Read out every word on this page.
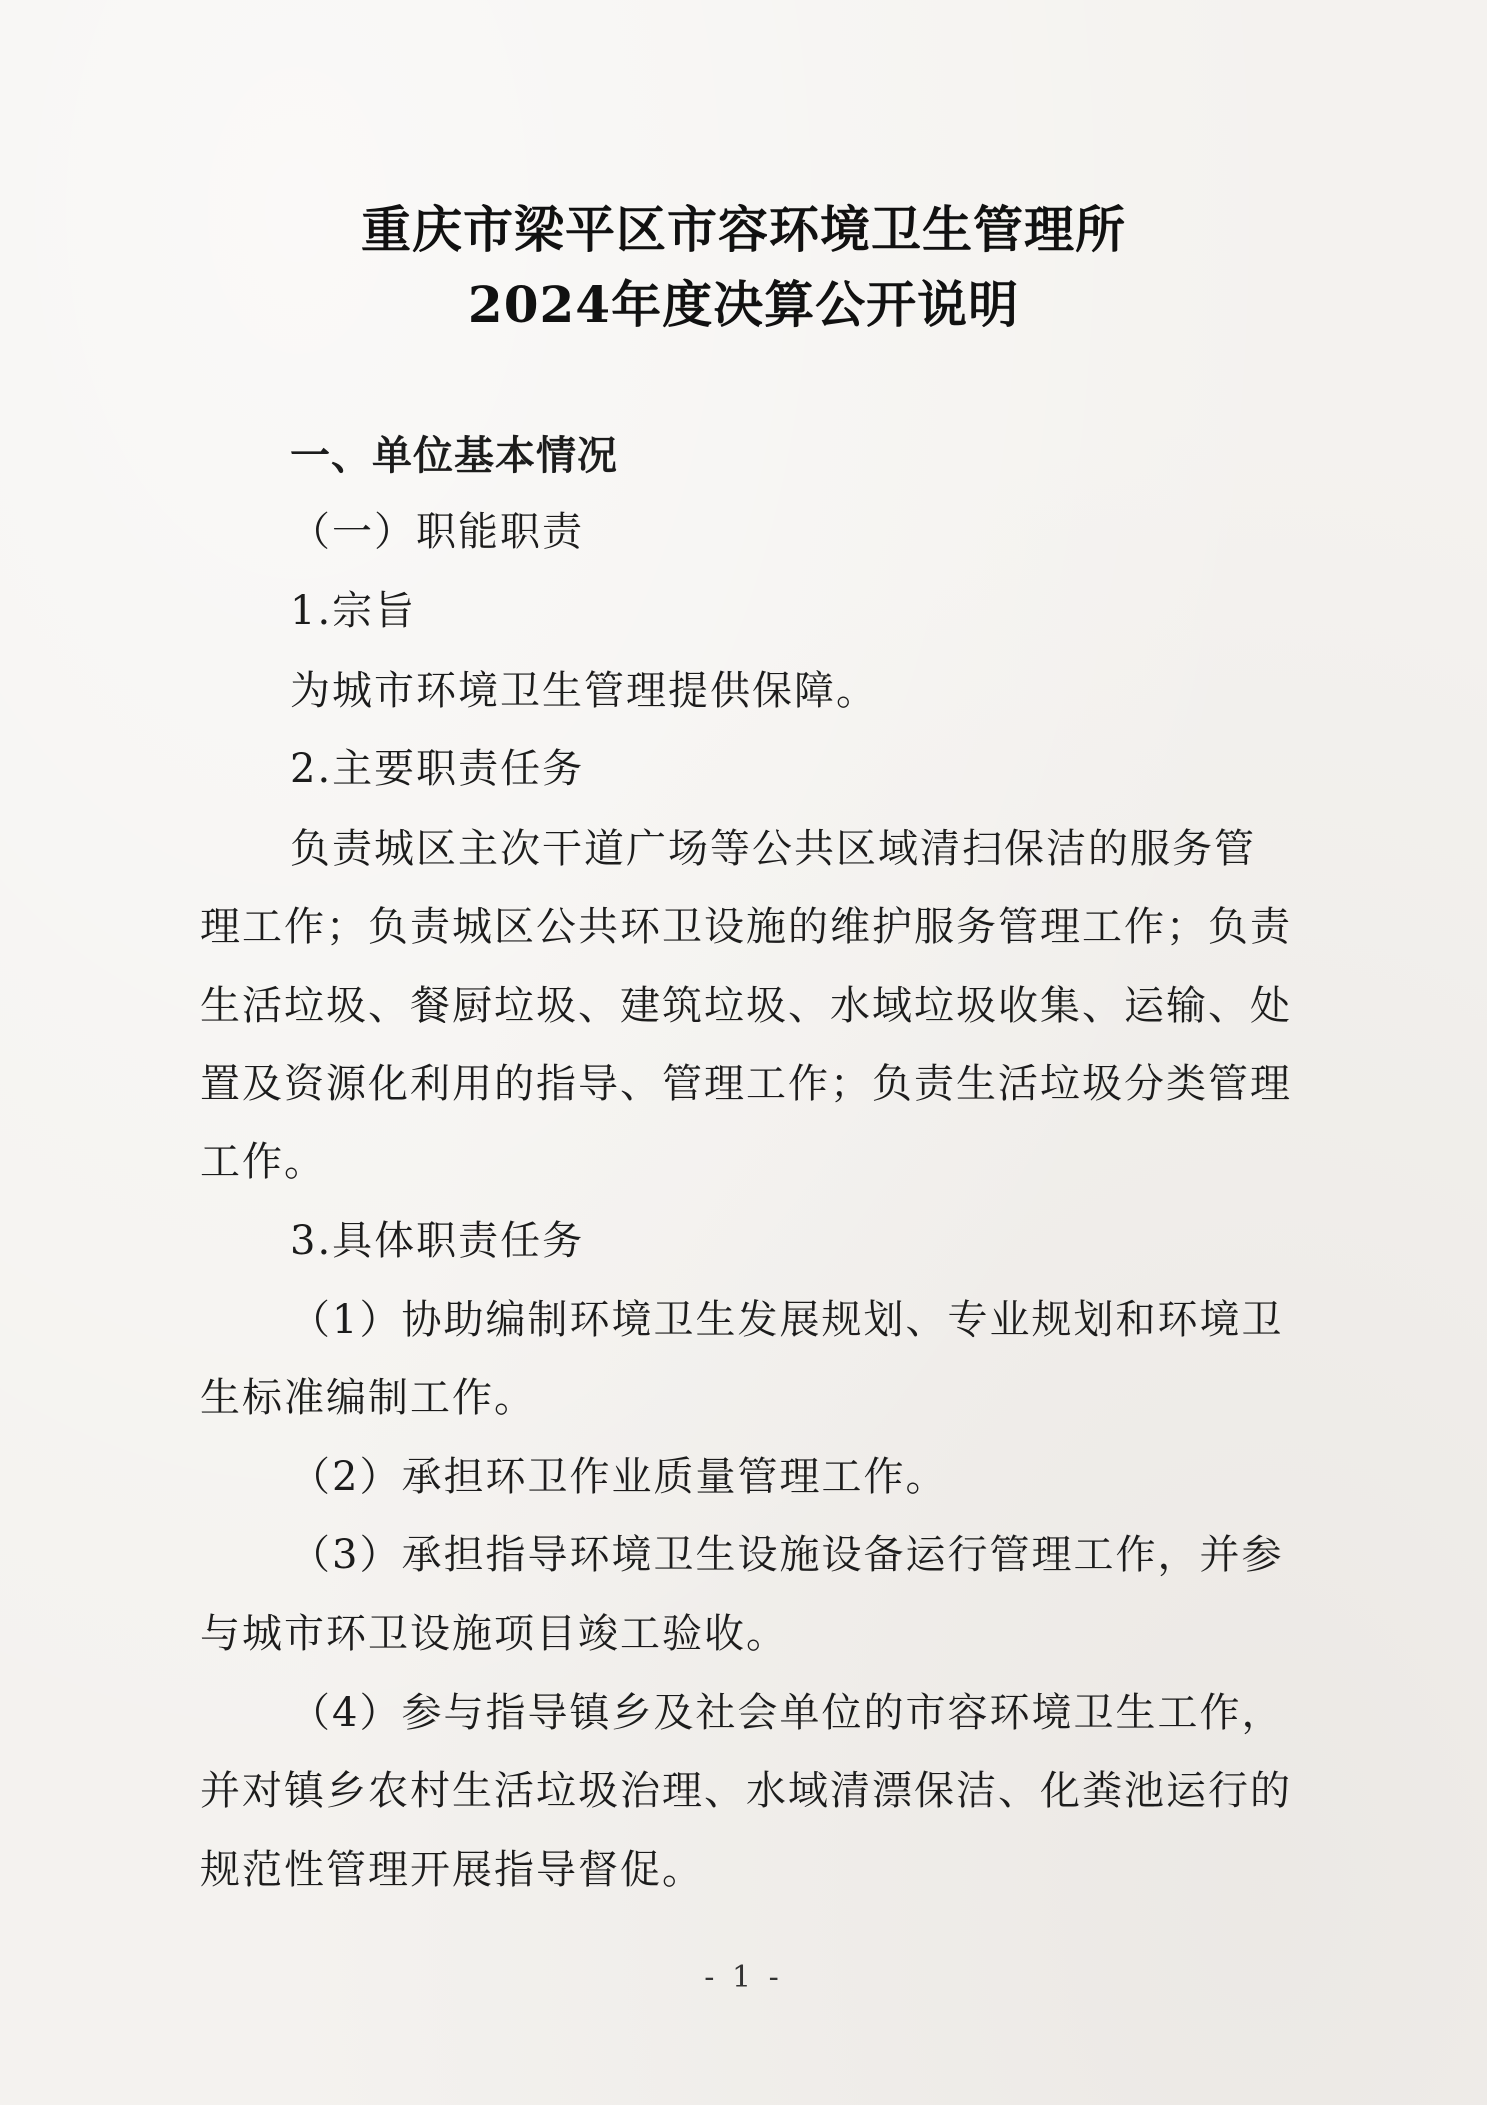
重庆市梁平区市容环境卫生管理所
2024年度决算公开说明
一、单位基本情况
（一）职能职责
1.宗旨
为城市环境卫生管理提供保障。
2.主要职责任务
负责城区主次干道广场等公共区域清扫保洁的服务管
理工作；负责城区公共环卫设施的维护服务管理工作；负责
生活垃圾、餐厨垃圾、建筑垃圾、水域垃圾收集、运输、处
置及资源化利用的指导、管理工作；负责生活垃圾分类管理
工作。
3.具体职责任务
（1）协助编制环境卫生发展规划、专业规划和环境卫
生标准编制工作。
（2）承担环卫作业质量管理工作。
（3）承担指导环境卫生设施设备运行管理工作，并参
与城市环卫设施项目竣工验收。
（4）参与指导镇乡及社会单位的市容环境卫生工作，
并对镇乡农村生活垃圾治理、水域清漂保洁、化粪池运行的
规范性管理开展指导督促。
- 1 -
